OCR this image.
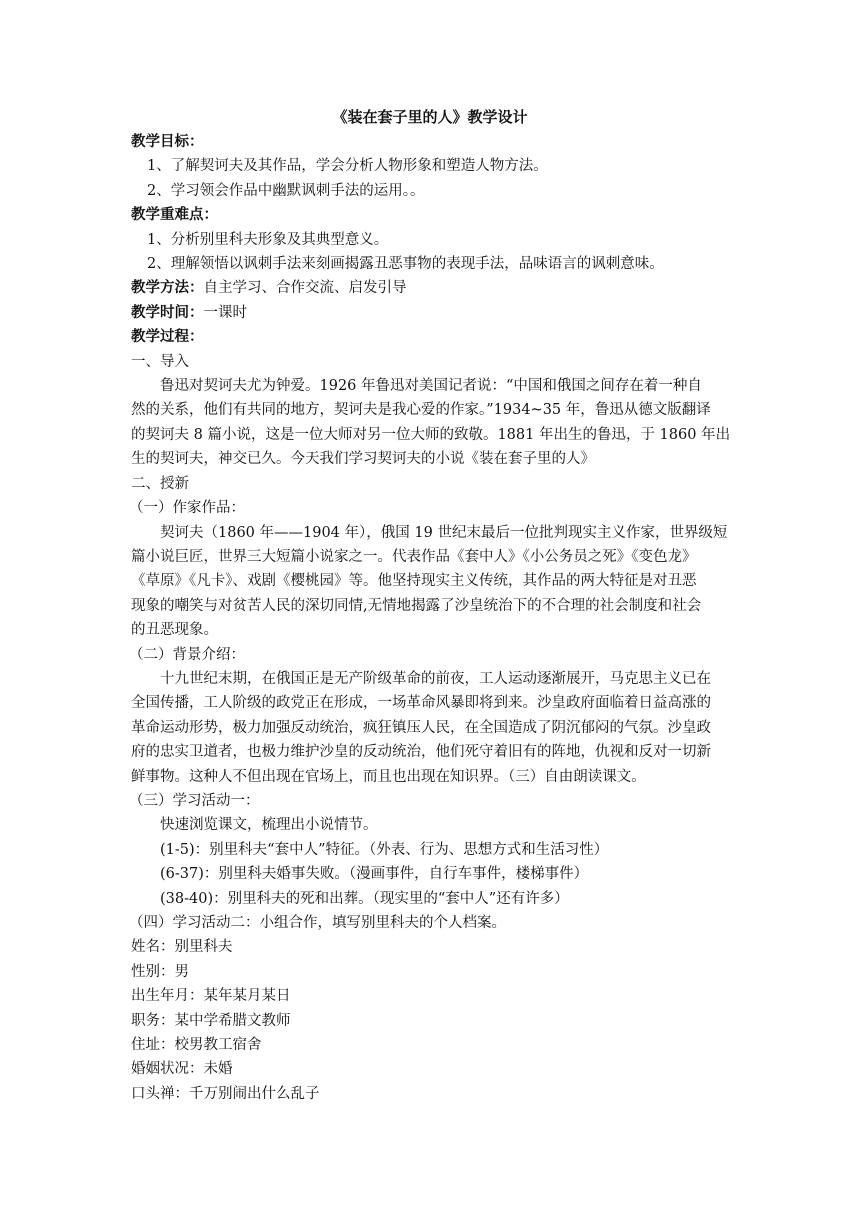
《装在套子里的人》教学设计
教学目标：
1、了解契诃夫及其作品，学会分析人物形象和塑造人物方法。
2、学习领会作品中幽默讽刺手法的运用。。
教学重难点：
1、分析别里科夫形象及其典型意义。
2、理解领悟以讽刺手法来刻画揭露丑恶事物的表现手法，品味语言的讽刺意味。
教学方法：自主学习、合作交流、启发引导
教学时间：一课时
教学过程：
一、导入
鲁迅对契诃夫尤为钟爱。1926 年鲁迅对美国记者说：“中国和俄国之间存在着一种自
然的关系，他们有共同的地方，契诃夫是我心爱的作家。”1934~35 年，鲁迅从德文版翻译
的契诃夫 8 篇小说，这是一位大师对另一位大师的致敬。1881 年出生的鲁迅，于 1860 年出
生的契诃夫，神交已久。今天我们学习契诃夫的小说《装在套子里的人》
二、授新
（一）作家作品：
契诃夫（1860 年——1904 年），俄国 19 世纪末最后一位批判现实主义作家，世界级短
篇小说巨匠，世界三大短篇小说家之一。代表作品《套中人》《小公务员之死》《变色龙》
《草原》《凡卡》、戏剧《樱桃园》等。他坚持现实主义传统，其作品的两大特征是对丑恶
现象的嘲笑与对贫苦人民的深切同情,无情地揭露了沙皇统治下的不合理的社会制度和社会
的丑恶现象。
（二）背景介绍：
十九世纪末期，在俄国正是无产阶级革命的前夜，工人运动逐渐展开，马克思主义已在
全国传播，工人阶级的政党正在形成，一场革命风暴即将到来。沙皇政府面临着日益高涨的
革命运动形势，极力加强反动统治，疯狂镇压人民，在全国造成了阴沉郁闷的气氛。沙皇政
府的忠实卫道者，也极力维护沙皇的反动统治，他们死守着旧有的阵地，仇视和反对一切新
鲜事物。这种人不但出现在官场上，而且也出现在知识界。（三）自由朗读课文。
（三）学习活动一：
快速浏览课文，梳理出小说情节。
(1-5)：别里科夫“套中人”特征。（外表、行为、思想方式和生活习性）
(6-37)：别里科夫婚事失败。（漫画事件，自行车事件，楼梯事件）
(38-40)：别里科夫的死和出葬。（现实里的“套中人”还有许多）
（四）学习活动二：小组合作，填写别里科夫的个人档案。
姓名：别里科夫
性别：男
出生年月：某年某月某日
职务：某中学希腊文教师
住址：校男教工宿舍
婚姻状况：未婚
口头禅：千万别闹出什么乱子
